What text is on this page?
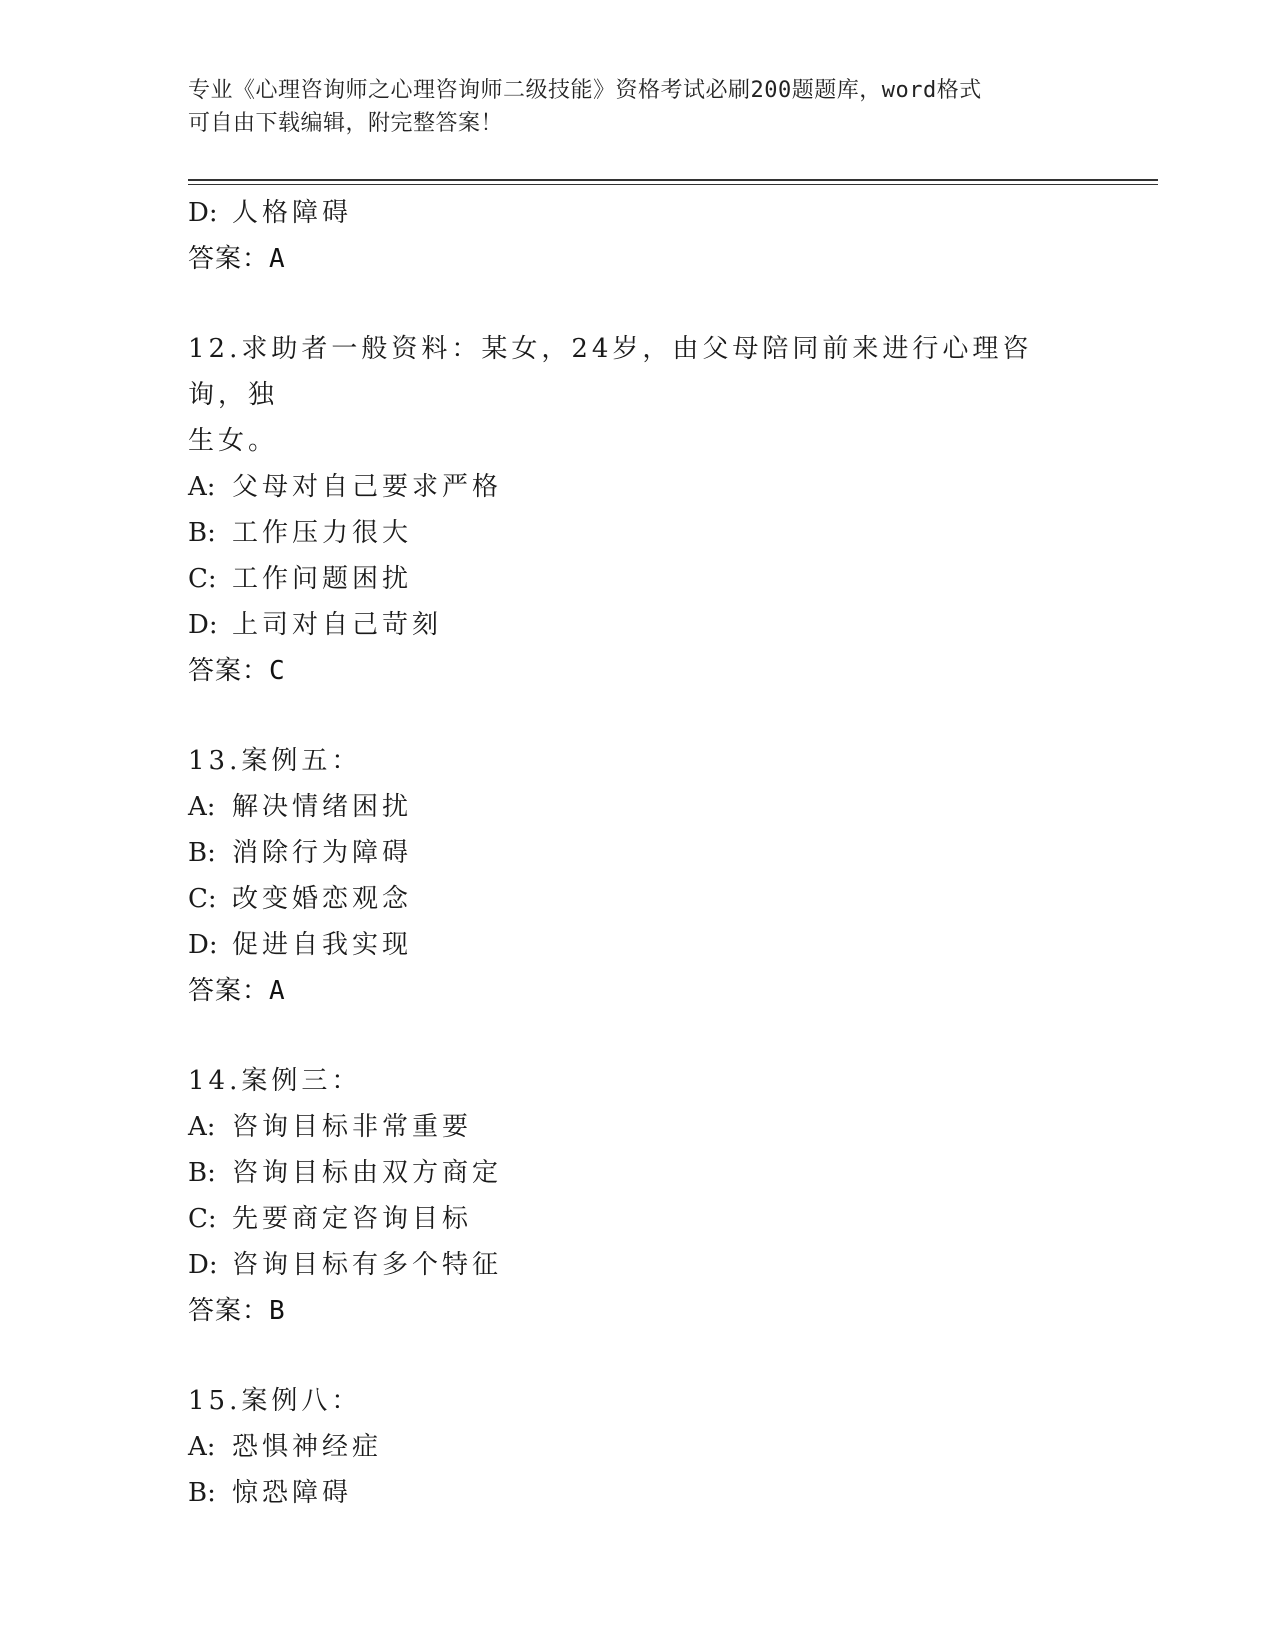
专业《心理咨询师之心理咨询师二级技能》资格考试必刷200题题库，word格式
可自由下载编辑，附完整答案！
D: 人格障碍
答案：A
12.求助者一般资料：某女，24岁，由父母陪同前来进行心理咨询，独
生女。
A: 父母对自己要求严格
B: 工作压力很大
C: 工作问题困扰
D: 上司对自己苛刻
答案：C
13.案例五：
A: 解决情绪困扰
B: 消除行为障碍
C: 改变婚恋观念
D: 促进自我实现
答案：A
14.案例三：
A: 咨询目标非常重要
B: 咨询目标由双方商定
C: 先要商定咨询目标
D: 咨询目标有多个特征
答案：B
15.案例八：
A: 恐惧神经症
B: 惊恐障碍
